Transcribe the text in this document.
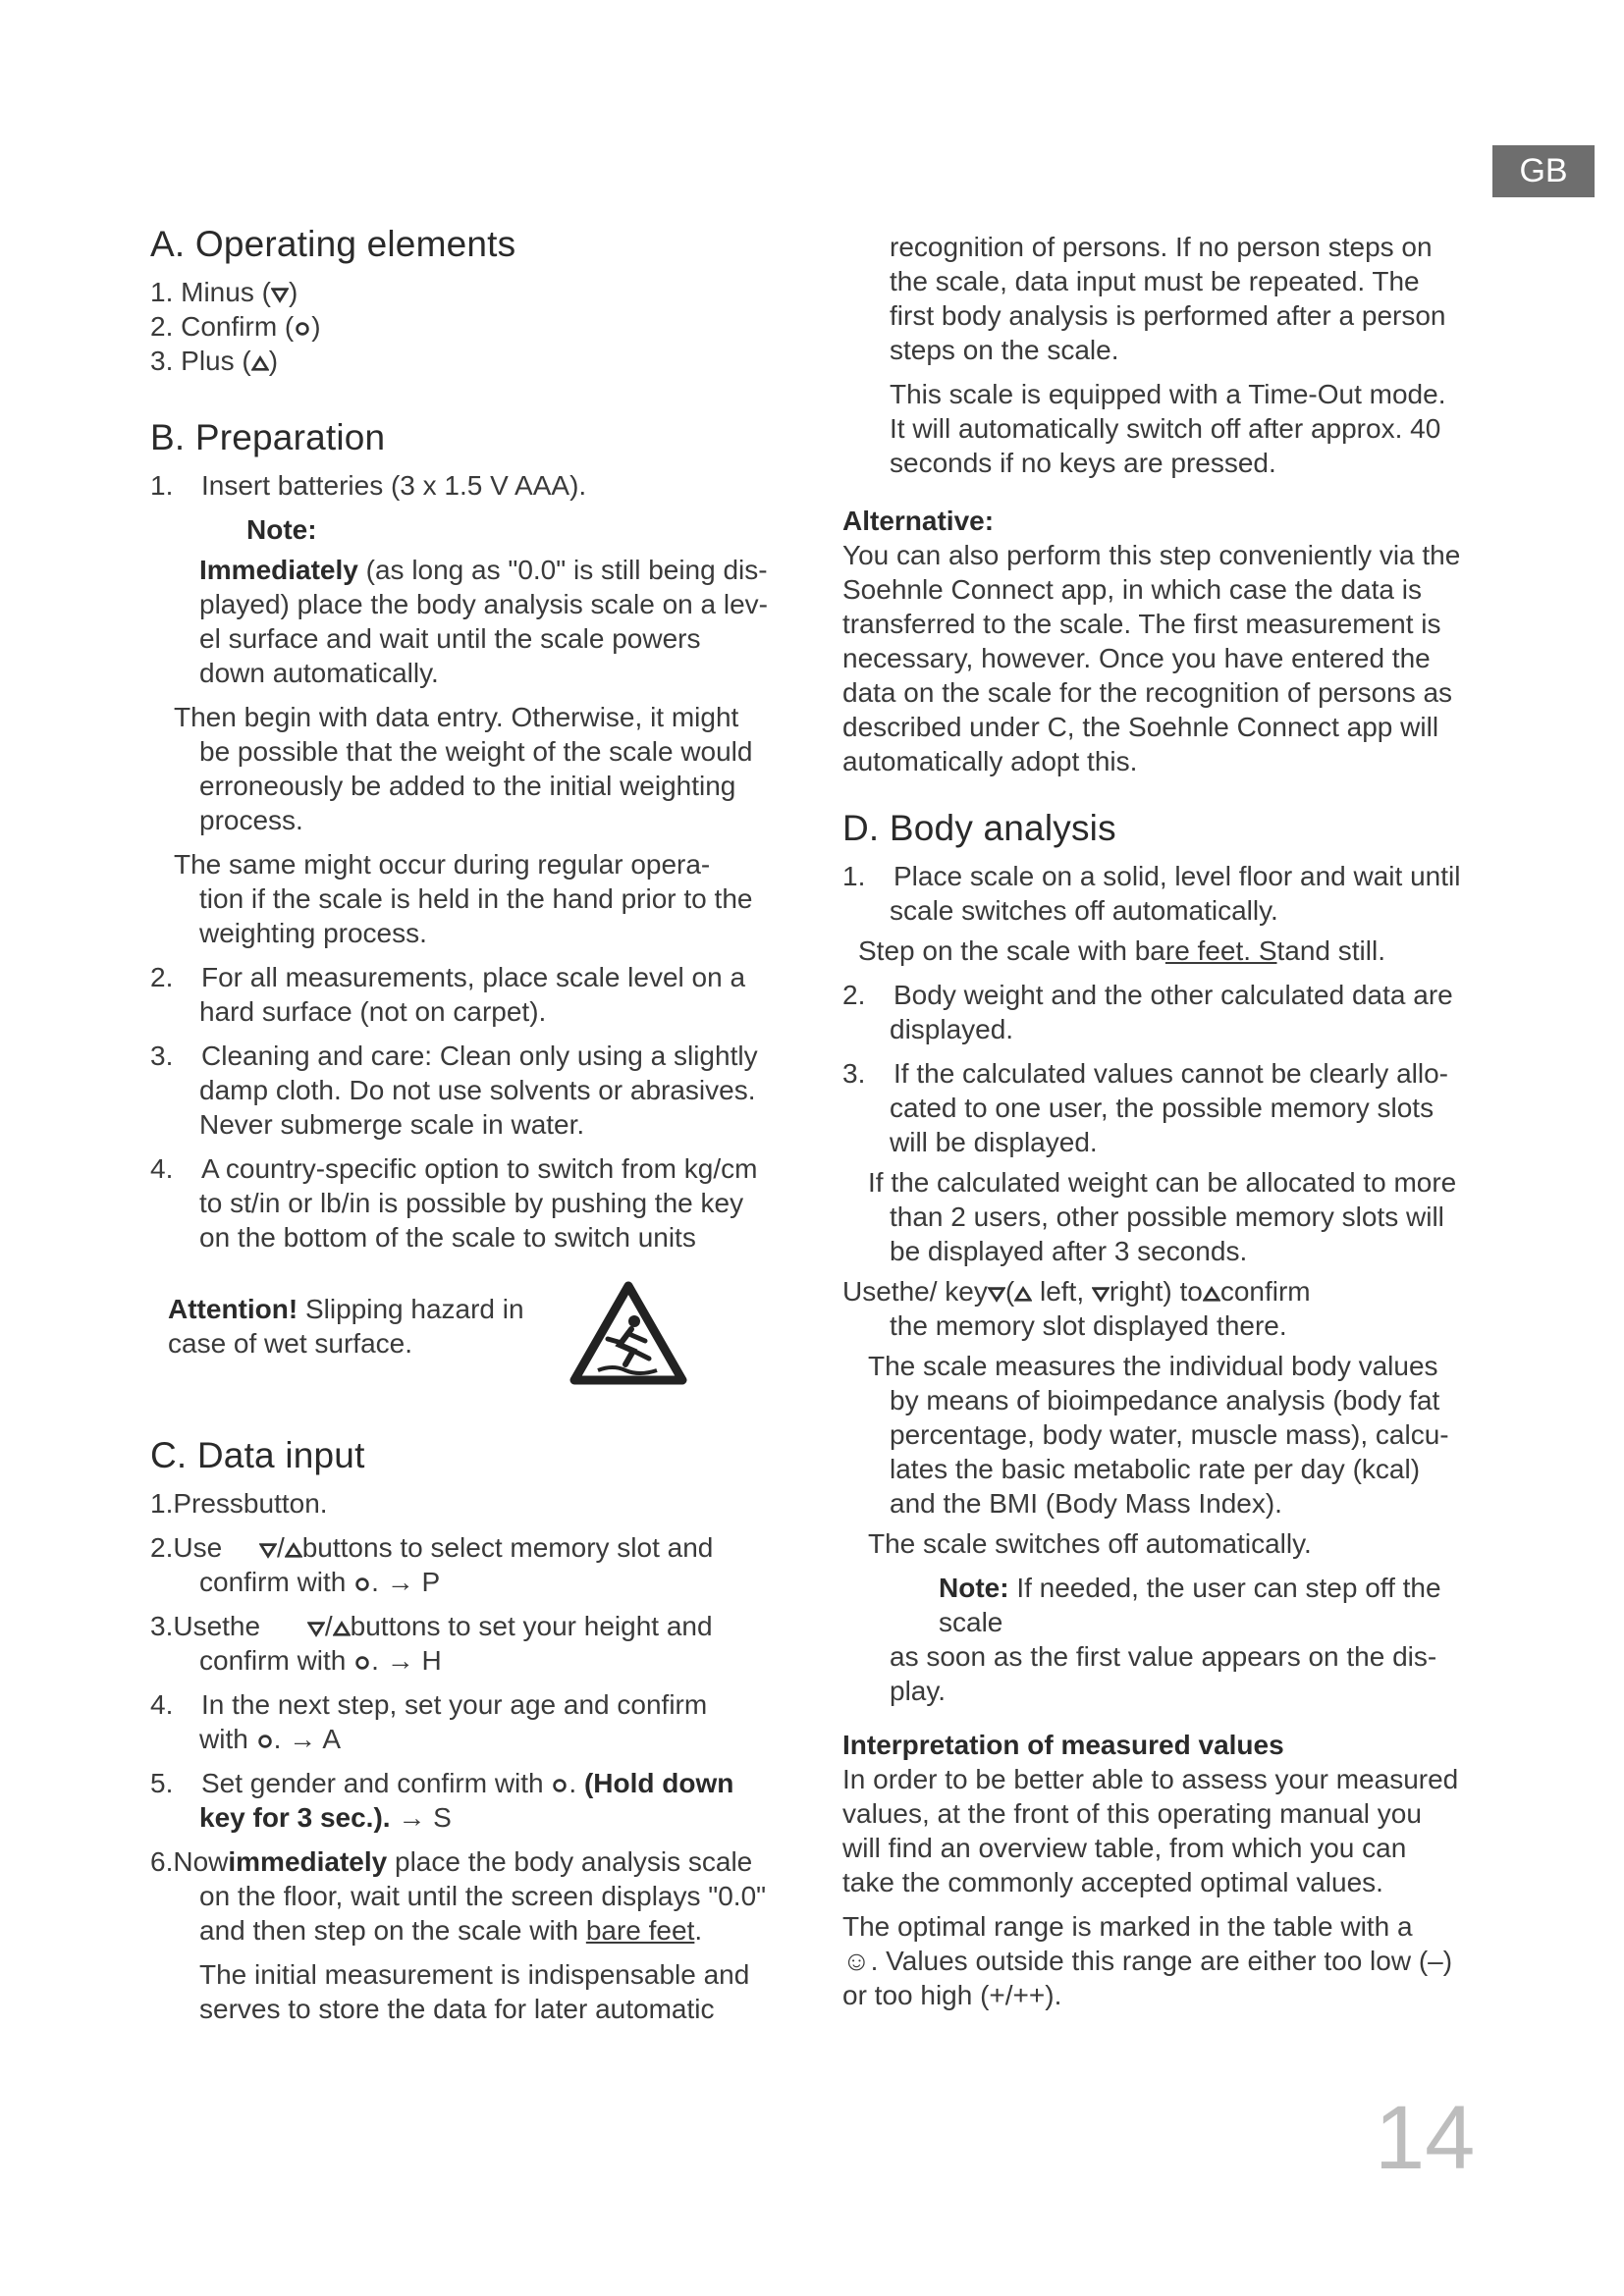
GB
A. Operating elements

1. Minus ( )

2. Confirm ( )

3. Plus ( )

B. Preparation

1. Insert batteries (3 x 1.5 V AAA).

Note:

Immediately (as long as "0.0" is still being dis-

played) place the body analysis scale on a lev-

el surface and wait until the scale powers

down automatically.

Then begin with data entry. Otherwise, it might

be possible that the weight of the scale would

erroneously be added to the initial weighting

process.

The same might occur during regular opera-

tion if the scale is held in the hand prior to the

weighting process.

2. For all measurements, place scale level on a

hard surface (not on carpet).

3. Cleaning and care: Clean only using a slightly

damp cloth. Do not use solvents or abrasives.

Never submerge scale in water.

4. A country-specific option to switch from kg/cm

to st/in or lb/in is possible by pushing the key

on the bottom of the scale to switch units

Attention! Slipping hazard in

case of wet surface.

C. Data input

1.Pressbutton.

2.Use / buttons to select memory slot and

confirm with . → P

3.Usethe / buttons to set your height and

confirm with . → H

4. In the next step, set your age and confirm

with . → A

5. Set gender and confirm with . (Hold down

key for 3 sec.). → S

6.Nowimmediately place the body analysis scale

on the floor, wait until the screen displays "0.0"

and then step on the scale with bare feet.

The initial measurement is indispensable and

serves to store the data for later automatic

recognition of persons. If no person steps on

the scale, data input must be repeated. The

first body analysis is performed after a person

steps on the scale.

This scale is equipped with a Time-Out mode.

It will automatically switch off after approx. 40

seconds if no keys are pressed.

Alternative:

You can also perform this step conveniently via the

Soehnle Connect app, in which case the data is

transferred to the scale. The first measurement is

necessary, however. Once you have entered the

data on the scale for the recognition of persons as

described under C, the Soehnle Connect app will

automatically adopt this.

D. Body analysis

1. Place scale on a solid, level floor and wait until

scale switches off automatically.

Step on the scale with bare feet. Stand still.

2. Body weight and the other calculated data are

displayed.

3. If the calculated values cannot be clearly allo-

cated to one user, the possible memory slots

will be displayed.

If the calculated weight can be allocated to more

than 2 users, other possible memory slots will

be displayed after 3 seconds.

Usethe/ key (
left,
right) to confirm

the memory slot displayed there.

The scale measures the individual body values

by means of bioimpedance analysis (body fat

percentage, body water, muscle mass), calcu-

lates the basic metabolic rate per day (kcal)

and the BMI (Body Mass Index).

The scale switches off automatically.

Note: If needed, the user can step off the scale

as soon as the first value appears on the dis-

play.

Interpretation of measured values

In order to be better able to assess your measured

values, at the front of this operating manual you

will find an overview table, from which you can

take the commonly accepted optimal values.

The optimal range is marked in the table with a

☺. Values outside this range are either too low (–)

or too high (+/++).

14
